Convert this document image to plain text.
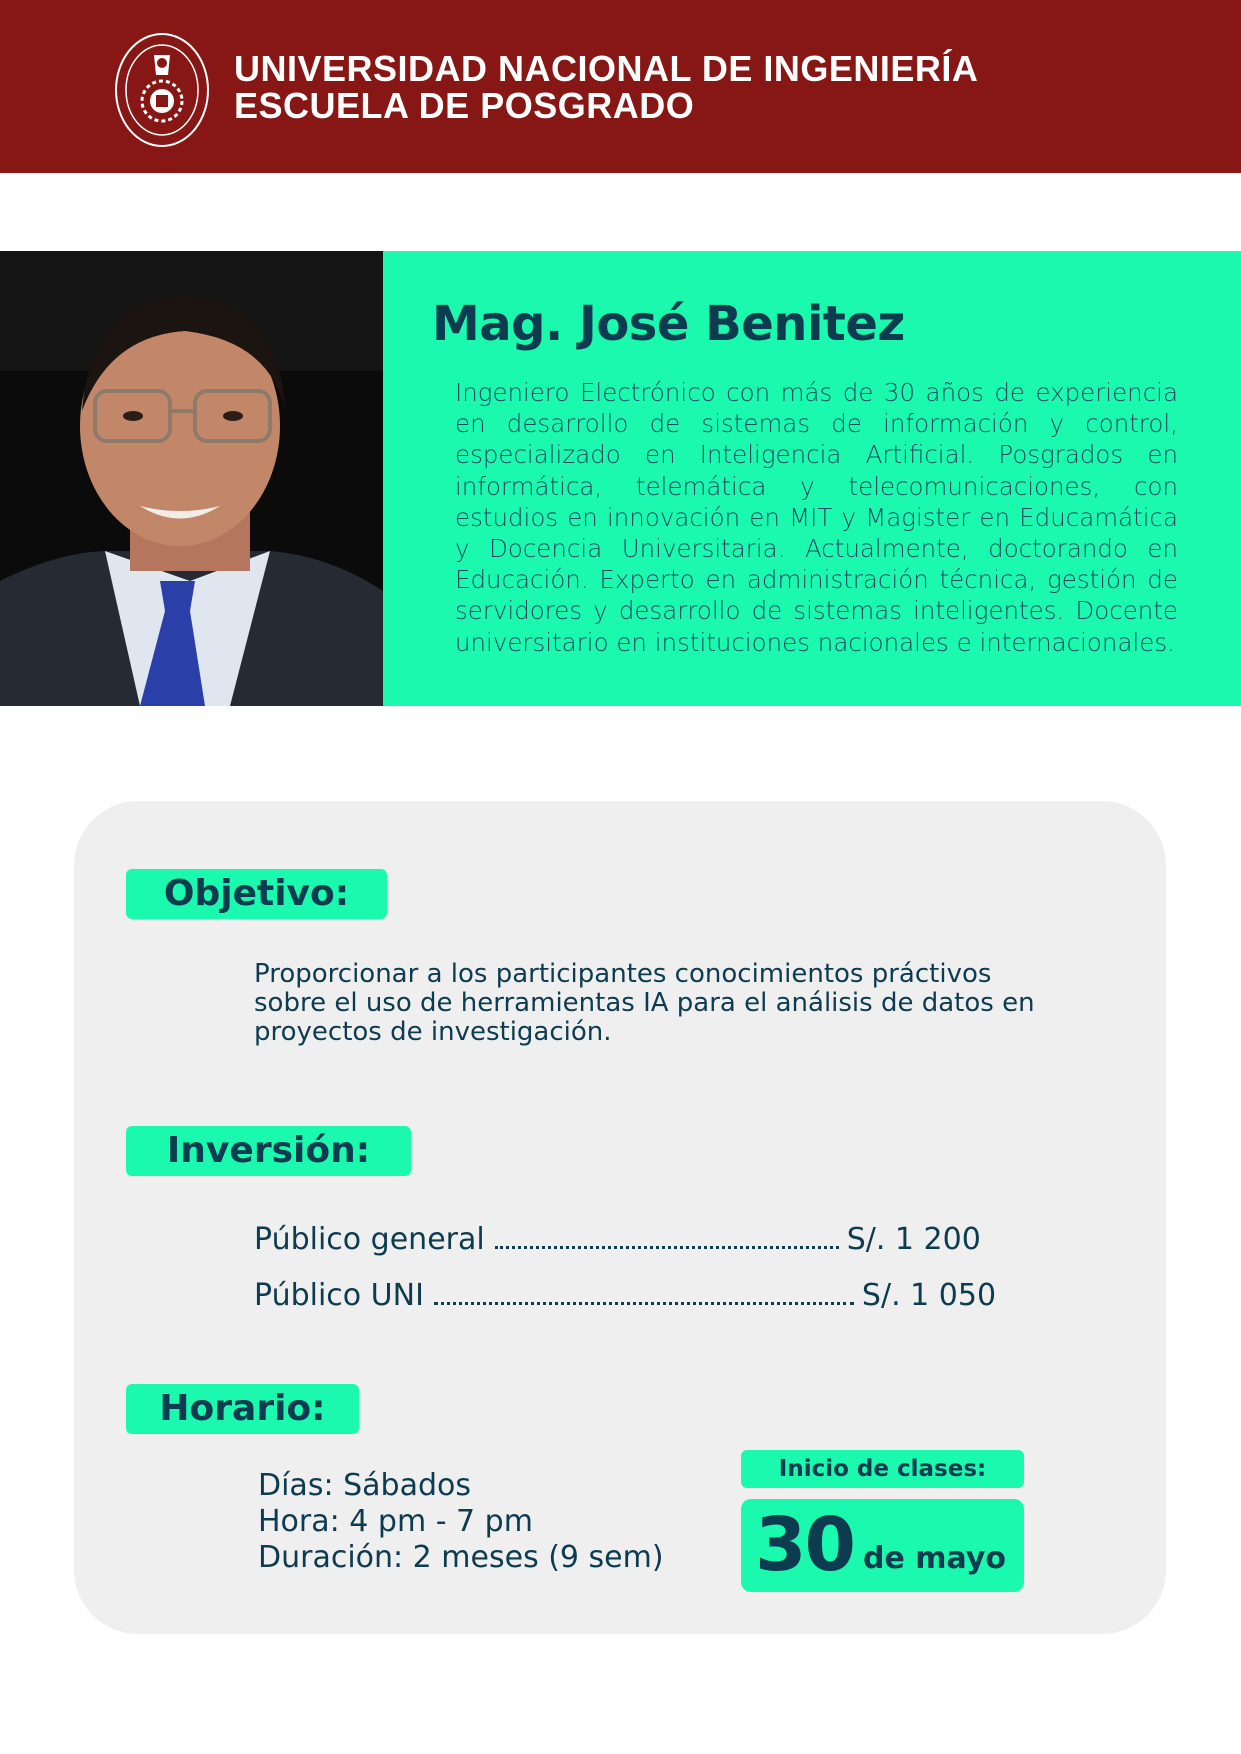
UNIVERSIDAD NACIONAL DE INGENIERÍA
ESCUELA DE POSGRADO
Mag. José Benitez
Ingeniero Electrónico con más de 30 años de experiencia en desarrollo de sistemas de información y control, especializado en Inteligencia Artificial. Posgrados en informática, telemática y telecomunicaciones, con estudios en innovación en MIT y Magister en Educamática y Docencia Universitaria. Actualmente, doctorando en Educación. Experto en administración técnica, gestión de servidores y desarrollo de sistemas inteligentes. Docente universitario en instituciones nacionales e internacionales.
Objetivo:
Proporcionar a los participantes conocimientos práctivos sobre el uso de herramientas IA para el análisis de datos en proyectos de investigación.
Inversión:
Público general	S/. 1 200
Público UNI	S/. 1 050
Horario:
Días: Sábados
Hora: 4 pm - 7 pm
Duración: 2 meses (9 sem)
Inicio de clases:
30 de mayo
